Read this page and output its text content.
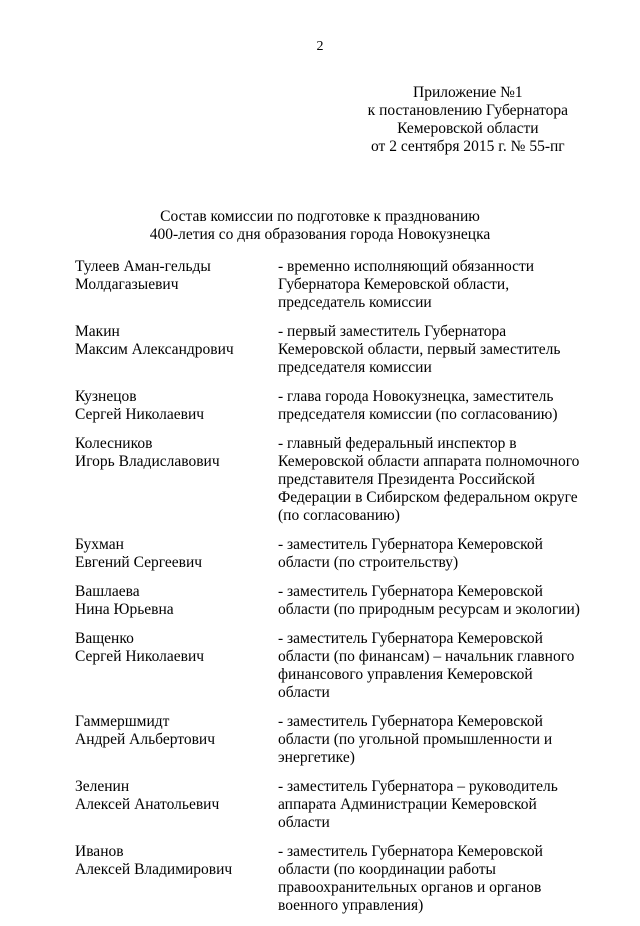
2
Приложение №1
к постановлению Губернатора
Кемеровской области
от 2 сентября 2015 г. № 55-пг
Состав комиссии по подготовке к празднованию
400-летия со дня образования города Новокузнецка
Тулеев Аман-гельды
Молдагазыевич
- временно исполняющий обязанности
Губернатора Кемеровской области,
председатель комиссии
Макин
Максим Александрович
- первый заместитель Губернатора
Кемеровской области, первый заместитель
председателя комиссии
Кузнецов
Сергей Николаевич
- глава города Новокузнецка, заместитель
председателя комиссии (по согласованию)
Колесников
Игорь Владиславович
- главный федеральный инспектор в
Кемеровской области аппарата полномочного
представителя Президента Российской
Федерации в Сибирском федеральном округе
(по согласованию)
Бухман
Евгений Сергеевич
- заместитель Губернатора Кемеровской
области (по строительству)
Вашлаева
Нина Юрьевна
- заместитель Губернатора Кемеровской
области (по природным ресурсам и экологии)
Ващенко
Сергей Николаевич
- заместитель Губернатора Кемеровской
области (по финансам) – начальник главного
финансового управления Кемеровской
области
Гаммершмидт
Андрей Альбертович
- заместитель Губернатора Кемеровской
области (по угольной промышленности и
энергетике)
Зеленин
Алексей Анатольевич
- заместитель Губернатора – руководитель
аппарата Администрации Кемеровской
области
Иванов
Алексей Владимирович
- заместитель Губернатора Кемеровской
области (по координации работы
правоохранительных органов и органов
военного управления)
